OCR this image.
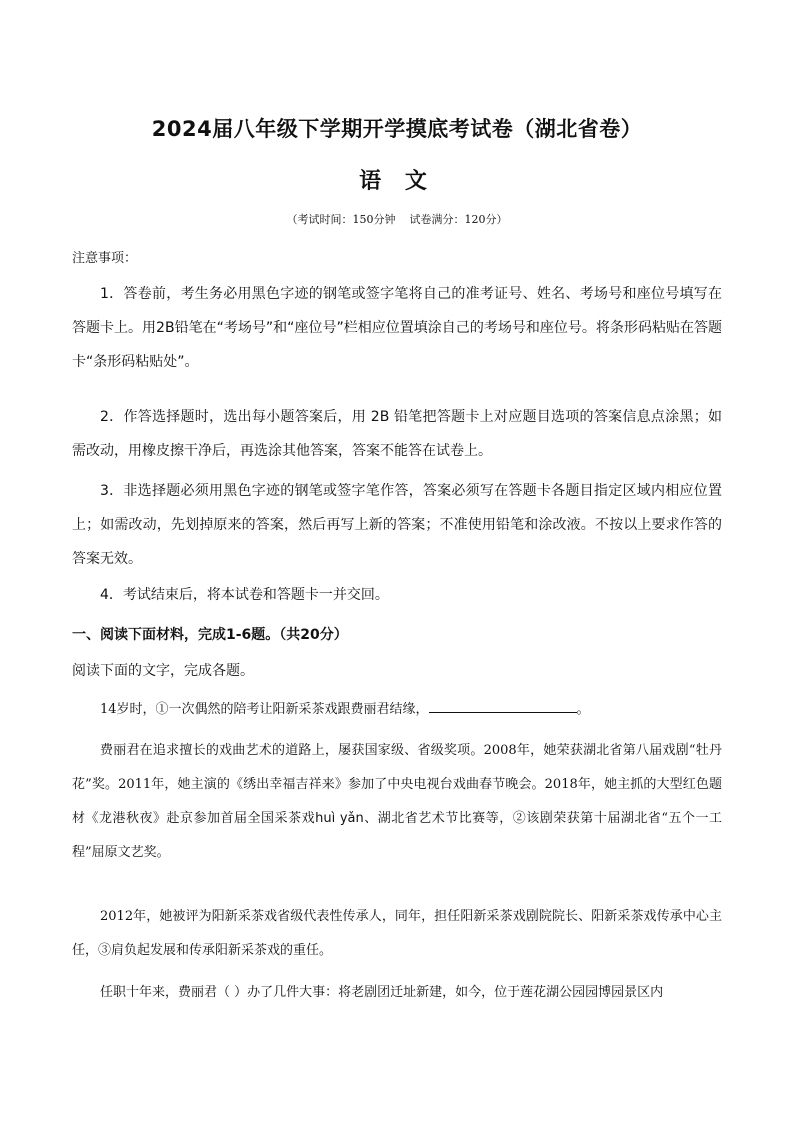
2024届八年级下学期开学摸底考试卷（湖北省卷）
语 文
（考试时间：150分钟 试卷满分：120分）
注意事项：
1．答卷前，考生务必用黑色字迹的钢笔或签字笔将自己的准考证号、姓名、考场号和座位号填写在答题卡上。用2B铅笔在“考场号”和“座位号”栏相应位置填涂自己的考场号和座位号。将条形码粘贴在答题卡“条形码粘贴处”。
2．作答选择题时，选出每小题答案后，用 2B 铅笔把答题卡上对应题目选项的答案信息点涂黑；如需改动，用橡皮擦干净后，再选涂其他答案，答案不能答在试卷上。
3．非选择题必须用黑色字迹的钢笔或签字笔作答，答案必须写在答题卡各题目指定区域内相应位置上；如需改动，先划掉原来的答案，然后再写上新的答案；不准使用铅笔和涂改液。不按以上要求作答的答案无效。
4．考试结束后，将本试卷和答题卡一并交回。
一、阅读下面材料，完成1-6题。（共20分）
阅读下面的文字，完成各题。
14岁时，①一次偶然的陪考让阳新采茶戏跟费丽君结缘，	。
费丽君在追求擅长的戏曲艺术的道路上，屡获国家级、省级奖项。2008年，她荣获湖北省第八届戏剧“牡丹花”奖。2011年，她主演的《绣出幸福吉祥来》参加了中央电视台戏曲春节晚会。2018年，她主抓的大型红色题材《龙港秋夜》赴京参加首届全国采茶戏huì yǎn、湖北省艺术节比赛等，②该剧荣获第十届湖北省“五个一工程”屈原文艺奖。
2012年，她被评为阳新采茶戏省级代表性传承人，同年，担任阳新采茶戏剧院院长、阳新采茶戏传承中心主任，③肩负起发展和传承阳新采茶戏的重任。
任职十年来，费丽君（ ）办了几件大事：将老剧团迁址新建，如今，位于莲花湖公园园博园景区内
